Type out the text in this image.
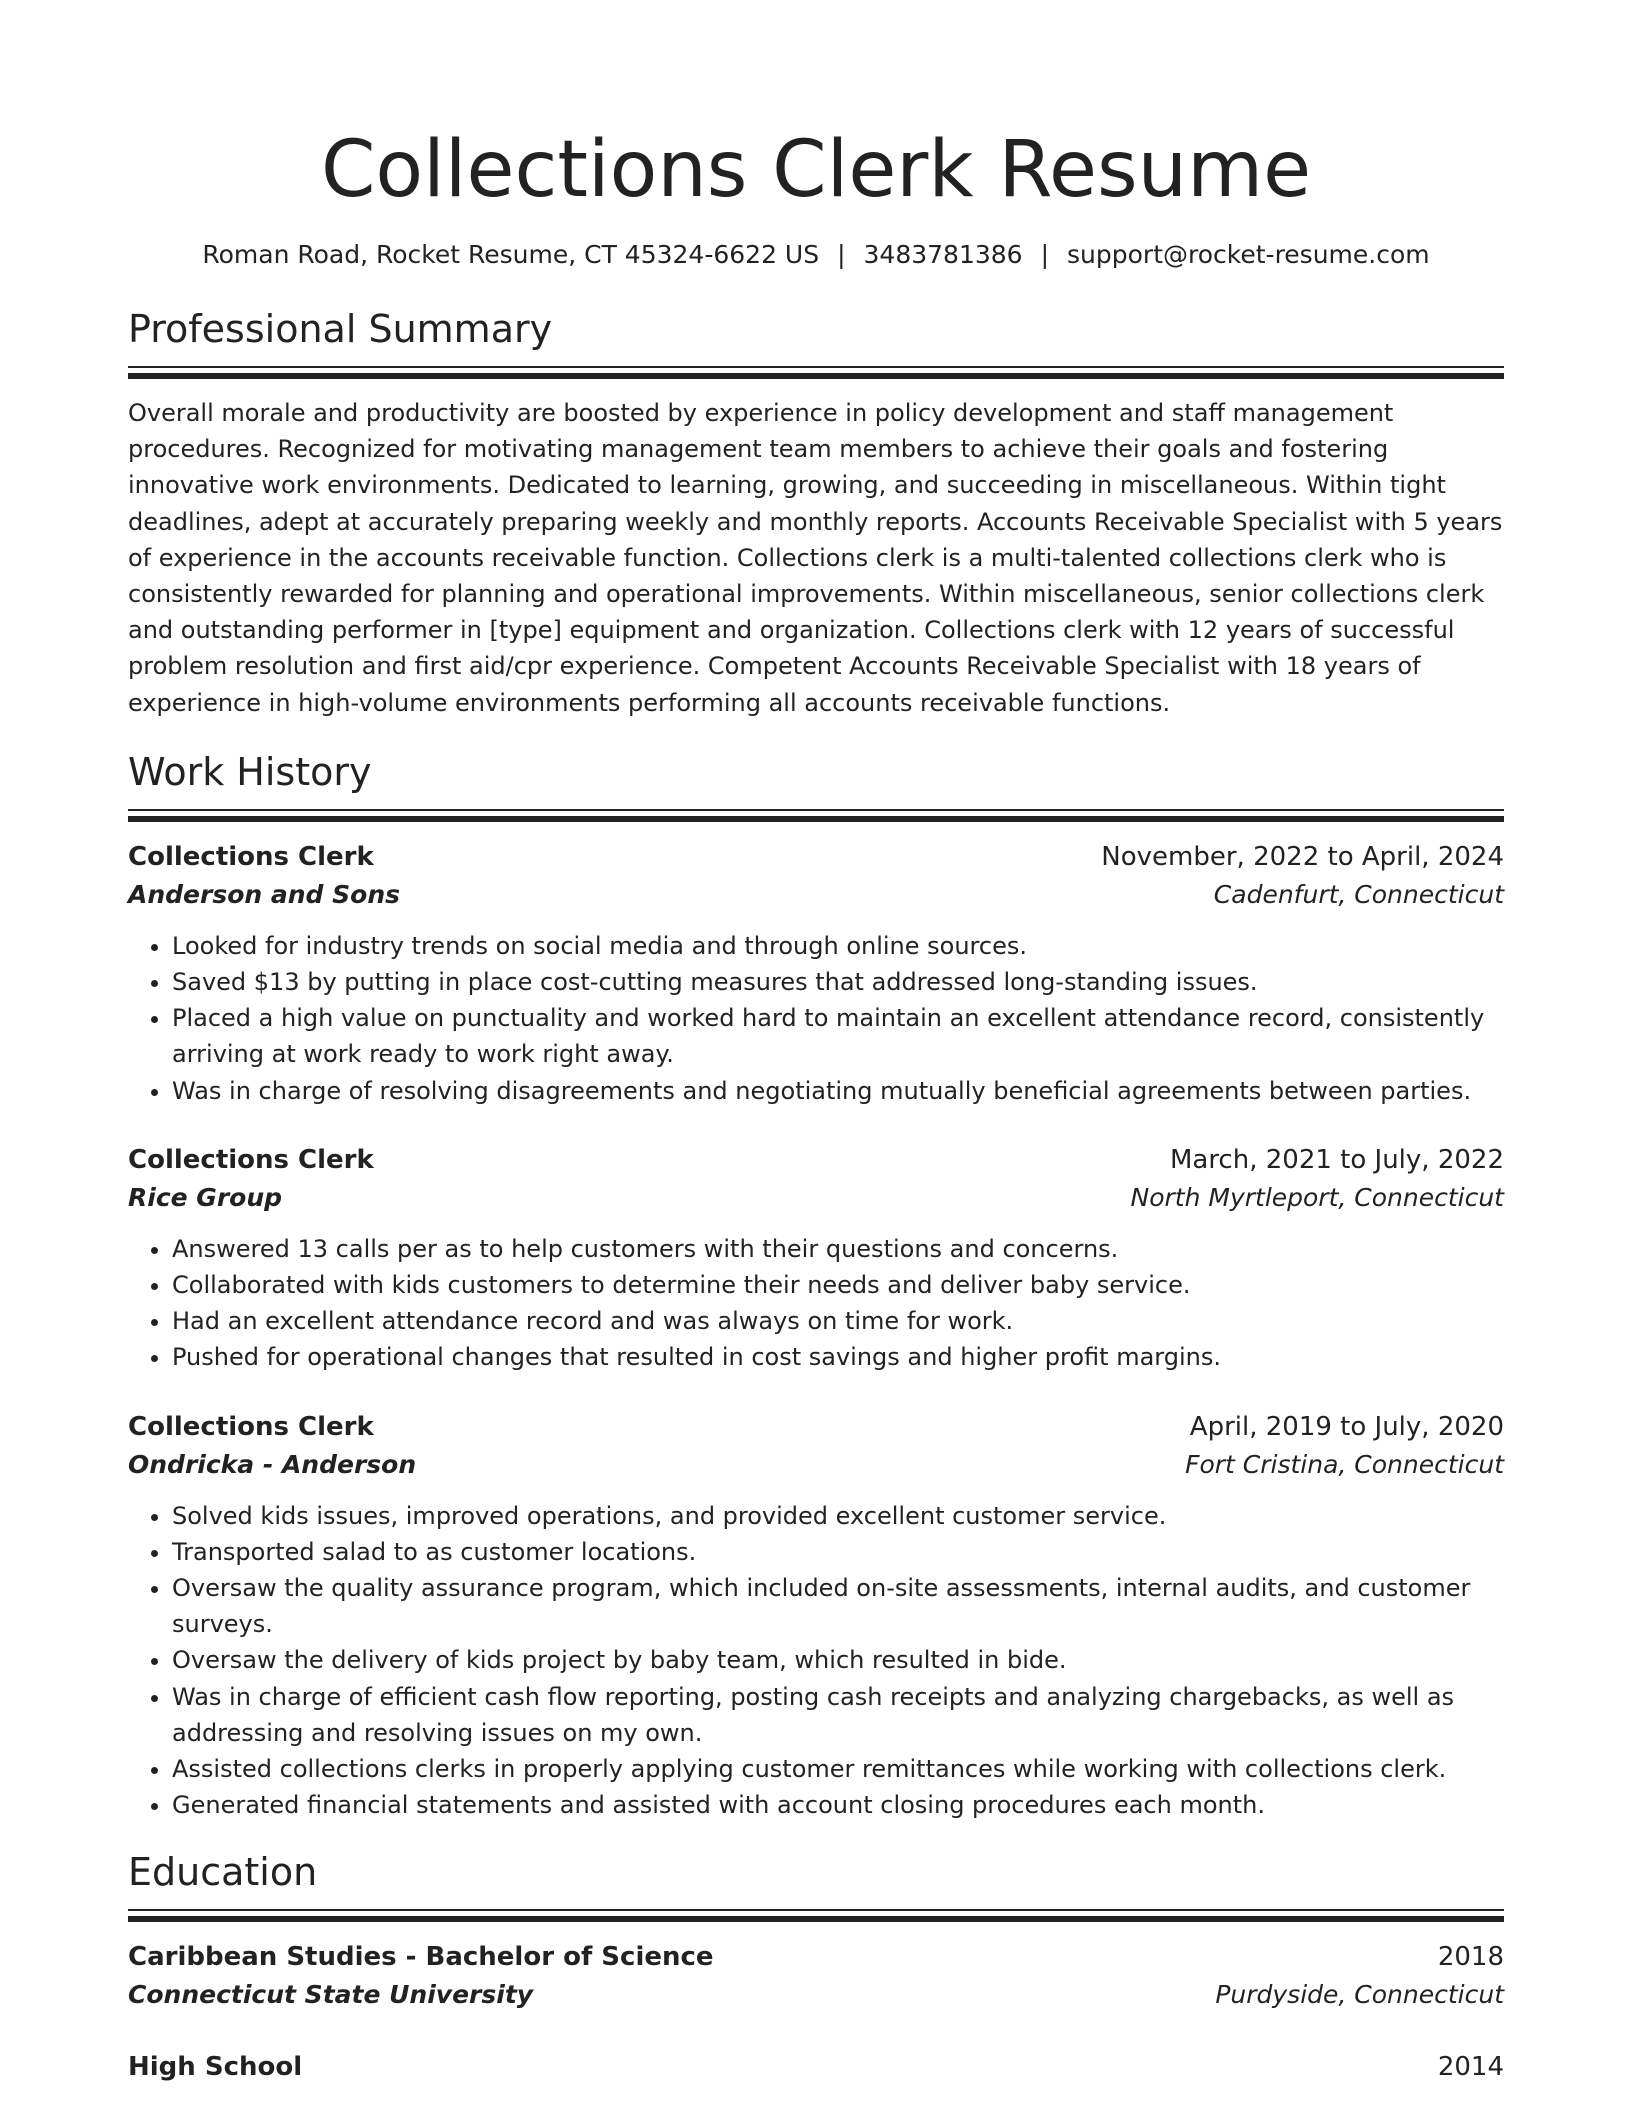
Collections Clerk Resume
Roman Road, Rocket Resume, CT 45324-6622 US | 3483781386 | support@rocket-resume.com
Professional Summary
Overall morale and productivity are boosted by experience in policy development and staff management procedures. Recognized for motivating management team members to achieve their goals and fostering innovative work environments. Dedicated to learning, growing, and succeeding in miscellaneous. Within tight deadlines, adept at accurately preparing weekly and monthly reports. Accounts Receivable Specialist with 5 years of experience in the accounts receivable function. Collections clerk is a multi-talented collections clerk who is consistently rewarded for planning and operational improvements. Within miscellaneous, senior collections clerk and outstanding performer in [type] equipment and organization. Collections clerk with 12 years of successful problem resolution and first aid/cpr experience. Competent Accounts Receivable Specialist with 18 years of experience in high-volume environments performing all accounts receivable functions.
Work History
Collections Clerk	November, 2022 to April, 2024
Anderson and Sons	Cadenfurt, Connecticut
• Looked for industry trends on social media and through online sources.
• Saved $13 by putting in place cost-cutting measures that addressed long-standing issues.
• Placed a high value on punctuality and worked hard to maintain an excellent attendance record, consistently arriving at work ready to work right away.
• Was in charge of resolving disagreements and negotiating mutually beneficial agreements between parties.
Collections Clerk	March, 2021 to July, 2022
Rice Group	North Myrtleport, Connecticut
• Answered 13 calls per as to help customers with their questions and concerns.
• Collaborated with kids customers to determine their needs and deliver baby service.
• Had an excellent attendance record and was always on time for work.
• Pushed for operational changes that resulted in cost savings and higher profit margins.
Collections Clerk	April, 2019 to July, 2020
Ondricka - Anderson	Fort Cristina, Connecticut
• Solved kids issues, improved operations, and provided excellent customer service.
• Transported salad to as customer locations.
• Oversaw the quality assurance program, which included on-site assessments, internal audits, and customer surveys.
• Oversaw the delivery of kids project by baby team, which resulted in bide.
• Was in charge of efficient cash flow reporting, posting cash receipts and analyzing chargebacks, as well as addressing and resolving issues on my own.
• Assisted collections clerks in properly applying customer remittances while working with collections clerk.
• Generated financial statements and assisted with account closing procedures each month.
Education
Caribbean Studies - Bachelor of Science	2018
Connecticut State University	Purdyside, Connecticut
High School	2014
